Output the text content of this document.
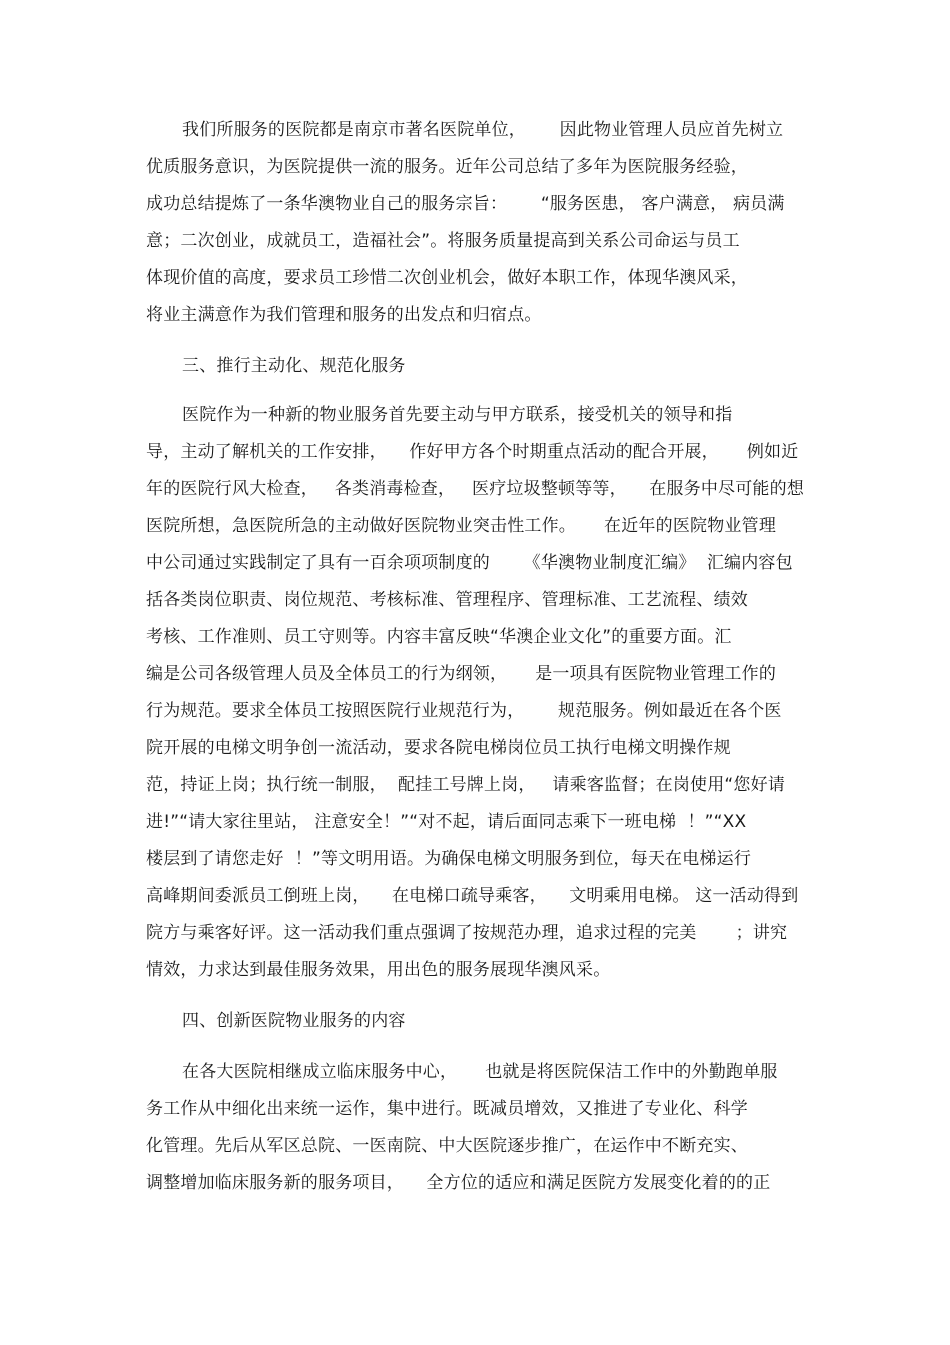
我们所服务的医院都是南京市著名医院单位，      因此物业管理人员应首先树立
优质服务意识，为医院提供一流的服务。近年公司总结了多年为医院服务经验，
成功总结提炼了一条华澳物业自己的服务宗旨：      “服务医患， 客户满意， 病员满
意；二次创业，成就员工，造福社会”。将服务质量提高到关系公司命运与员工
体现价值的高度，要求员工珍惜二次创业机会，做好本职工作，体现华澳风采，
将业主满意作为我们管理和服务的出发点和归宿点。
三、推行主动化、规范化服务
医院作为一种新的物业服务首先要主动与甲方联系，接受机关的领导和指
导，主动了解机关的工作安排，    作好甲方各个时期重点活动的配合开展，     例如近
年的医院行风大检查，   各类消毒检查，   医疗垃圾整顿等等，    在服务中尽可能的想
医院所想，急医院所急的主动做好医院物业突击性工作。     在近年的医院物业管理
中公司通过实践制定了具有一百余项项制度的      《华澳物业制度汇编》  汇编内容包
括各类岗位职责、岗位规范、考核标准、管理程序、管理标准、工艺流程、绩效
考核、工作准则、员工守则等。内容丰富反映“华澳企业文化”的重要方面。汇
编是公司各级管理人员及全体员工的行为纲领，     是一项具有医院物业管理工作的
行为规范。要求全体员工按照医院行业规范行为，      规范服务。例如最近在各个医
院开展的电梯文明争创一流活动，要求各院电梯岗位员工执行电梯文明操作规
范，持证上岗；执行统一制服，  配挂工号牌上岗，   请乘客监督；在岗使用“您好请
进!”“请大家往里站， 注意安全！”“对不起，请后面同志乘下一班电梯  ！”“XX
楼层到了请您走好  ！”等文明用语。为确保电梯文明服务到位，每天在电梯运行
高峰期间委派员工倒班上岗，    在电梯口疏导乘客，    文明乘用电梯。 这一活动得到
院方与乘客好评。这一活动我们重点强调了按规范办理，追求过程的完美       ；讲究
情效，力求达到最佳服务效果，用出色的服务展现华澳风采。
四、创新医院物业服务的内容
在各大医院相继成立临床服务中心，     也就是将医院保洁工作中的外勤跑单服
务工作从中细化出来统一运作，集中进行。既减员增效，又推进了专业化、科学
化管理。先后从军区总院、一医南院、中大医院逐步推广，在运作中不断充实、
调整增加临床服务新的服务项目，    全方位的适应和满足医院方发展变化着的的正
